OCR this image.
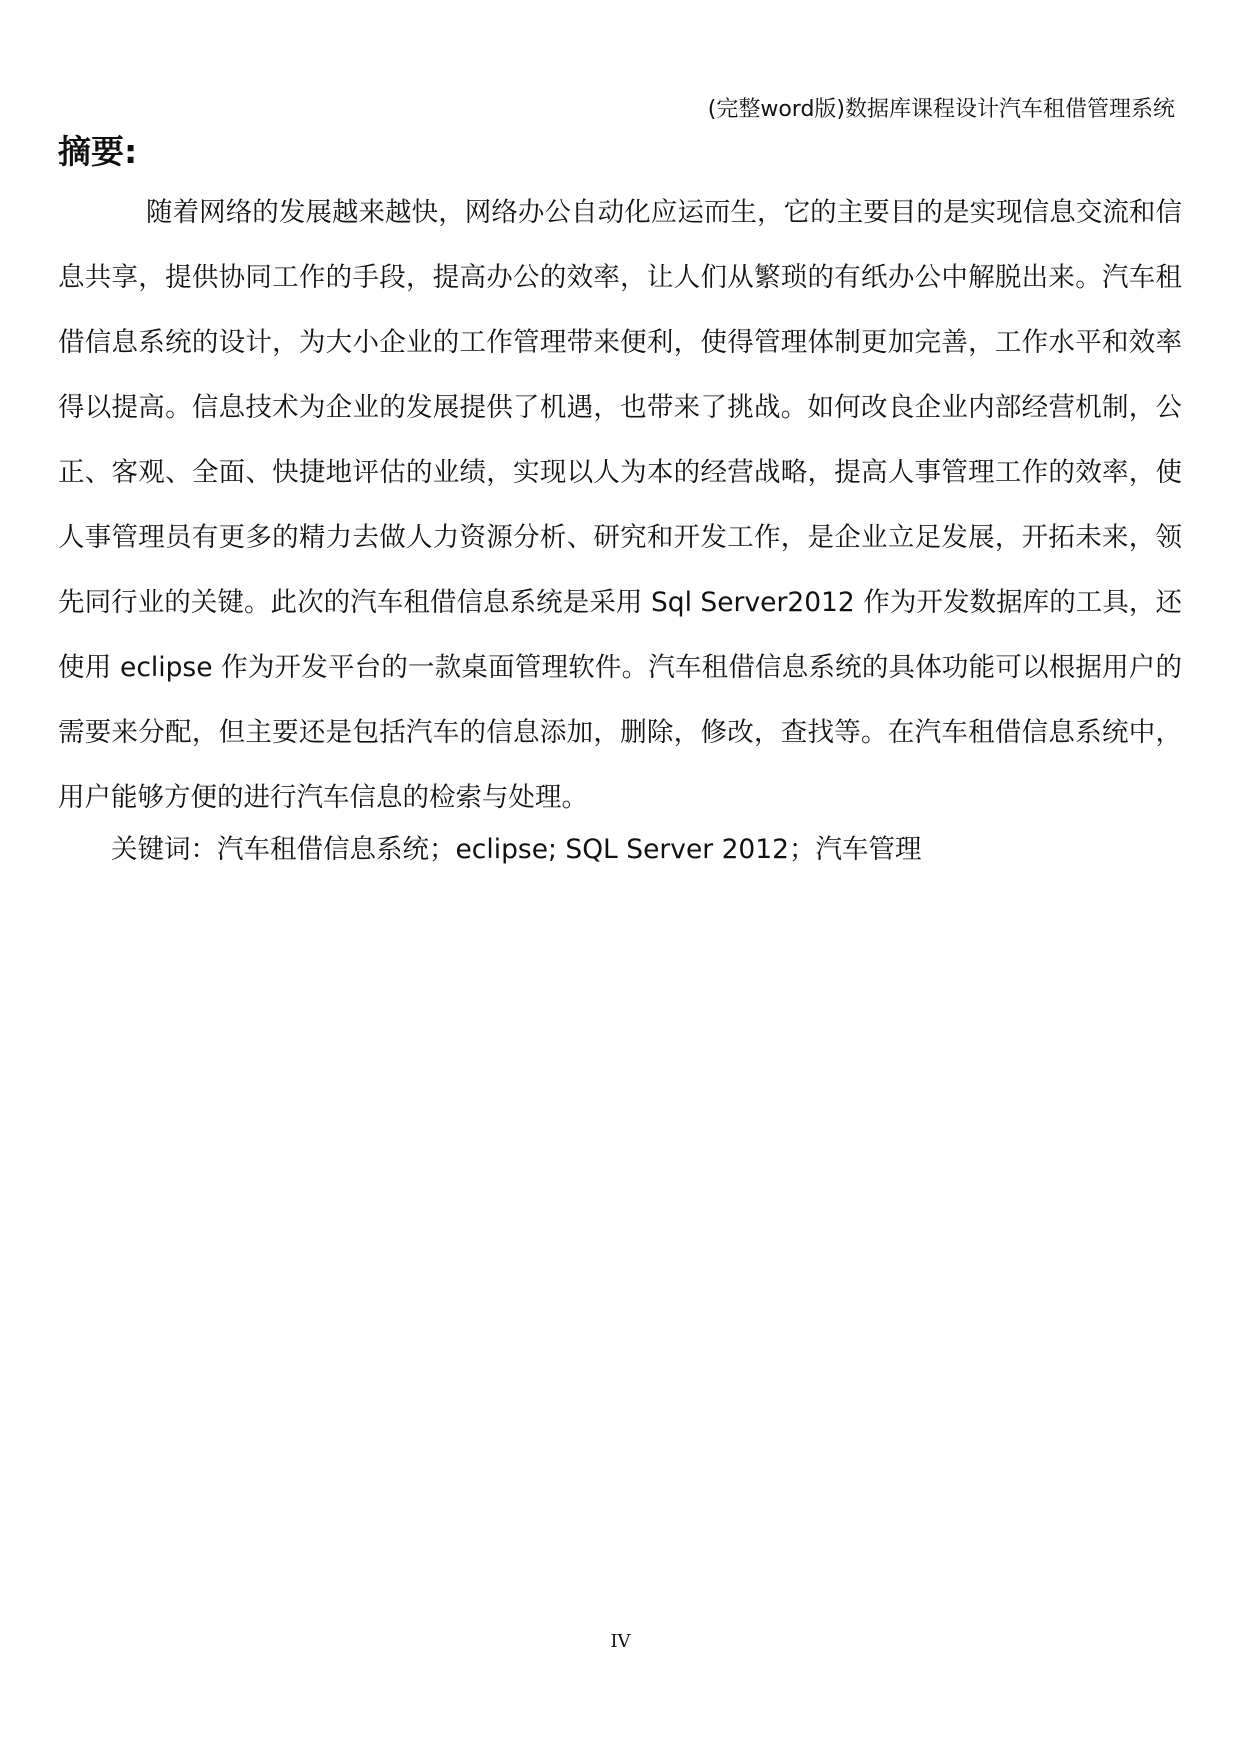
(完整word版)数据库课程设计汽车租借管理系统
摘要:

随着网络的发展越来越快，网络办公自动化应运而生，它的主要目的是实现信息交流和信息共享，提供协同工作的手段，提高办公的效率，让人们从繁琐的有纸办公中解脱出来。汽车租借信息系统的设计，为大小企业的工作管理带来便利，使得管理体制更加完善，工作水平和效率得以提高。信息技术为企业的发展提供了机遇，也带来了挑战。如何改良企业内部经营机制，公正、客观、全面、快捷地评估的业绩，实现以人为本的经营战略，提高人事管理工作的效率，使人事管理员有更多的精力去做人力资源分析、研究和开发工作，是企业立足发展，开拓未来，领先同行业的关键。此次的汽车租借信息系统是采用 Sql Server2012 作为开发数据库的工具，还使用 eclipse 作为开发平台的一款桌面管理软件。汽车租借信息系统的具体功能可以根据用户的需要来分配，但主要还是包括汽车的信息添加，删除，修改，查找等。在汽车租借信息系统中，用户能够方便的进行汽车信息的检索与处理。

关键词：汽车租借信息系统；eclipse; SQL Server 2012；汽车管理
IV
